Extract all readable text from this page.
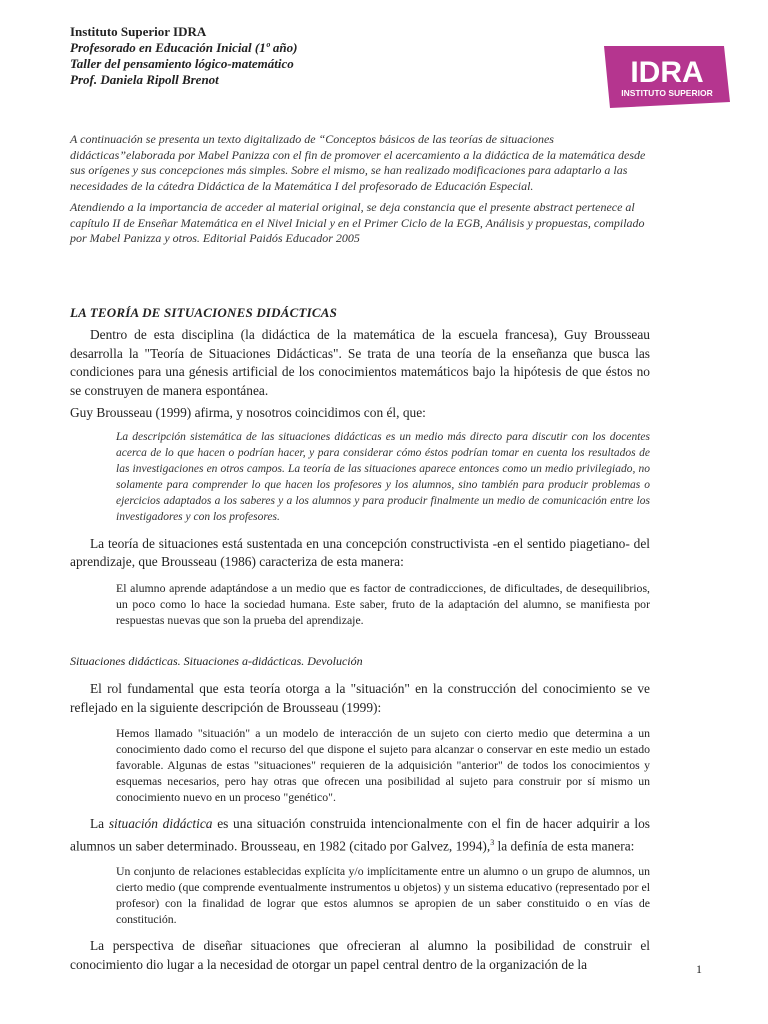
Instituto Superior IDRA
Profesorado en Educación Inicial (1º año)
Taller del pensamiento lógico-matemático
Prof. Daniela Ripoll Brenot

A continuación se presenta un texto digitalizado de “Conceptos básicos de las teorías de situaciones didácticas”elaborada por Mabel Panizza con el fin de promover el acercamiento a la didáctica de la matemática desde sus orígenes y sus concepciones más simples. Sobre el mismo, se han realizado modificaciones para adaptarlo a las necesidades de la cátedra Didáctica de la Matemática I del profesorado de Educación Especial.

Atendiendo a la importancia de acceder al material original, se deja constancia que el presente abstract pertenece al capítulo II de Enseñar Matemática en el Nivel Inicial y en el Primer Ciclo de la EGB, Análisis y propuestas, compilado por Mabel Panizza y otros. Editorial Paidós Educador 2005

LA TEORÍA DE SITUACIONES DIDÁCTICAS

Dentro de esta disciplina (la didáctica de la matemática de la escuela francesa), Guy Brousseau desarrolla la "Teoría de Situaciones Didácticas". Se trata de una teoría de la enseñanza que busca las condiciones para una génesis artificial de los conocimientos matemáticos bajo la hipótesis de que éstos no se construyen de manera espontánea.

Guy Brousseau (1999) afirma, y nosotros coincidimos con él, que:

La descripción sistemática de las situaciones didácticas es un medio más directo para discutir con los docentes acerca de lo que hacen o podrían hacer, y para considerar cómo éstos podrían tomar en cuenta los resultados de las investigaciones en otros campos. La teoría de las situaciones aparece entonces como un medio privilegiado, no solamente para comprender lo que hacen los profesores y los alumnos, sino también para producir problemas o ejercicios adaptados a los saberes y a los alumnos y para producir finalmente un medio de comunicación entre los investigadores y con los profesores.

La teoría de situaciones está sustentada en una concepción constructivista -en el sentido piagetiano- del aprendizaje, que Brousseau (1986) caracteriza de esta manera:

El alumno aprende adaptándose a un medio que es factor de contradicciones, de dificultades, de desequilibrios, un poco como lo hace la sociedad humana. Este saber, fruto de la adaptación del alumno, se manifiesta por respuestas nuevas que son la prueba del aprendizaje.

Situaciones didácticas. Situaciones a-didácticas. Devolución

El rol fundamental que esta teoría otorga a la "situación" en la construcción del conocimiento se ve reflejado en la siguiente descripción de Brousseau (1999):

Hemos llamado "situación" a un modelo de interacción de un sujeto con cierto medio que determina a un conocimiento dado como el recurso del que dispone el sujeto para alcanzar o conservar en este medio un estado favorable. Algunas de estas "situaciones" requieren de la adquisición "anterior" de todos los conocimientos y esquemas necesarios, pero hay otras que ofrecen una posibilidad al sujeto para construir por sí mismo un conocimiento nuevo en un proceso "genético".

La situación didáctica es una situación construida intencionalmente con el fin de hacer adquirir a los alumnos un saber determinado. Brousseau, en 1982 (citado por Galvez, 1994),$^3$ la definía de esta manera:

Un conjunto de relaciones establecidas explícita y/o implícitamente entre un alumno o un grupo de alumnos, un cierto medio (que comprende eventualmente instrumentos u objetos) y un sistema educativo (representado por el profesor) con la finalidad de lograr que estos alumnos se apropien de un saber constituido o en vías de constitución.

La perspectiva de diseñar situaciones que ofrecieran al alumno la posibilidad de construir el conocimiento dio lugar a la necesidad de otorgar un papel central dentro de la organización de la

IDRA
INSTITUTO SUPERIOR
1
